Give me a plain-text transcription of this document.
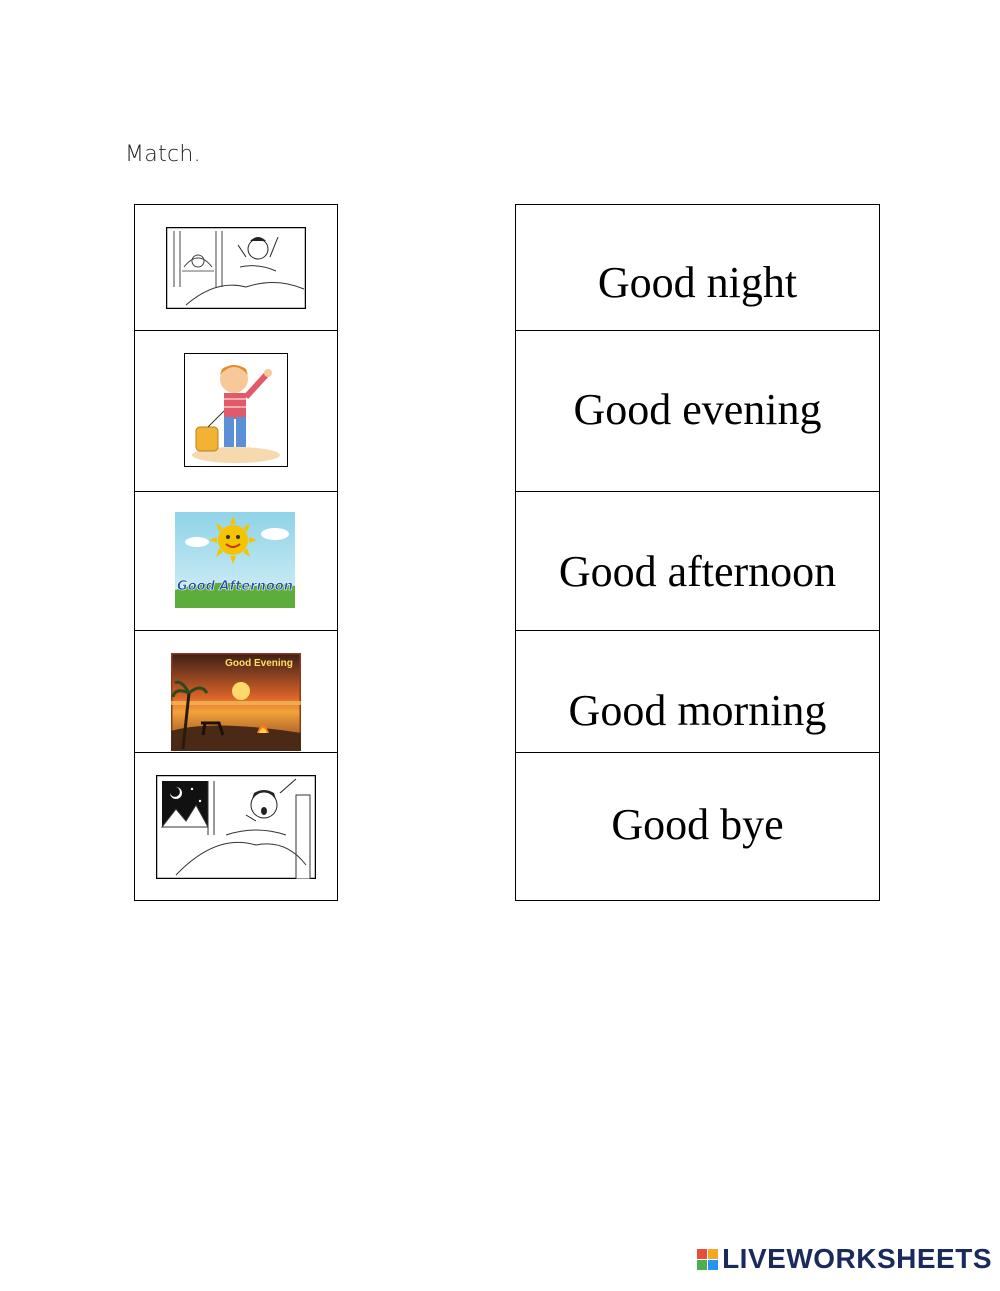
Match.
Good Afternoon
Good Evening
Good night
Good evening
Good afternoon
Good morning
Good bye
LIVEWORKSHEETS
